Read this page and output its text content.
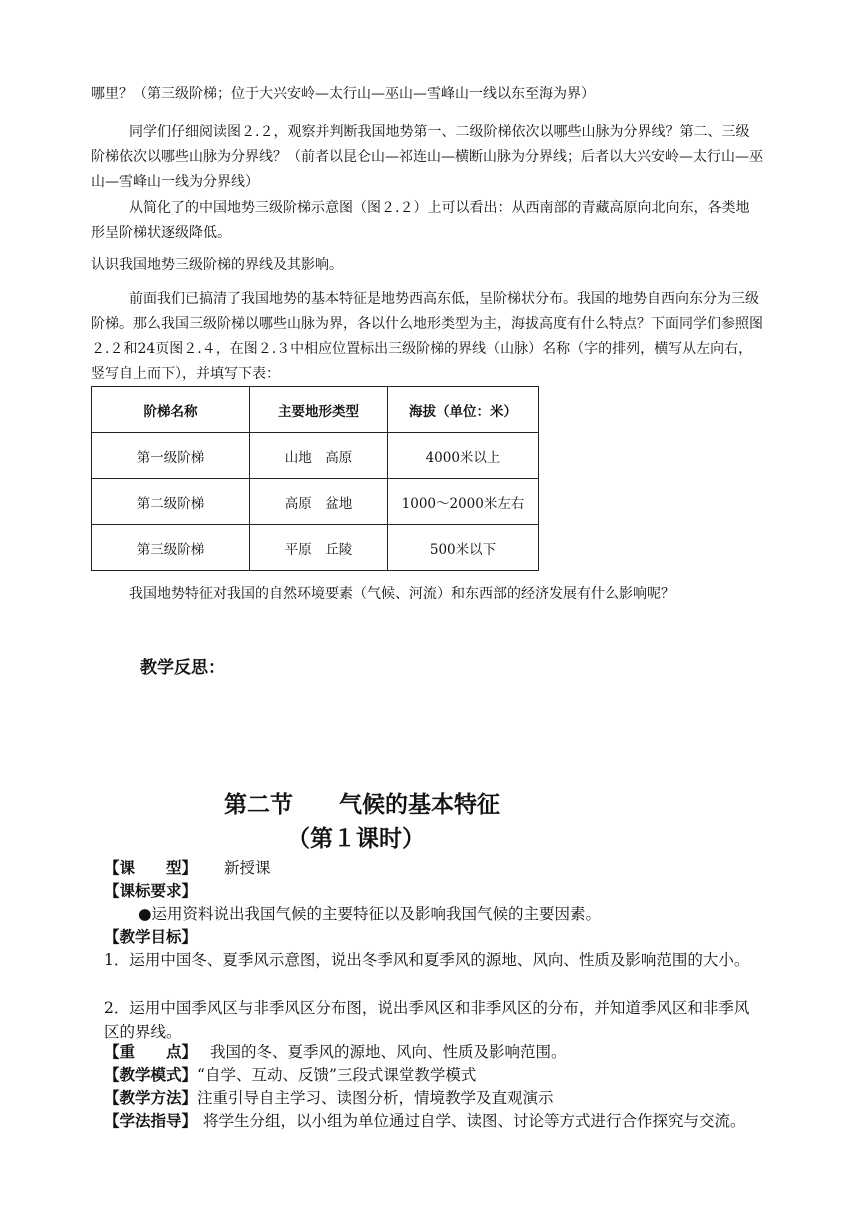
哪里？（第三级阶梯；位于大兴安岭—太行山—巫山—雪峰山一线以东至海为界）

同学们仔细阅读图２.２，观察并判断我国地势第一、二级阶梯依次以哪些山脉为分界线？第二、三级阶梯依次以哪些山脉为分界线？（前者以昆仑山—祁连山—横断山脉为分界线；后者以大兴安岭—太行山—巫山—雪峰山一线为分界线）

从简化了的中国地势三级阶梯示意图（图２.２）上可以看出：从西南部的青藏高原向北向东，各类地形呈阶梯状逐级降低。

认识我国地势三级阶梯的界线及其影响。

前面我们已搞清了我国地势的基本特征是地势西高东低，呈阶梯状分布。我国的地势自西向东分为三级阶梯。那么我国三级阶梯以哪些山脉为界，各以什么地形类型为主，海拔高度有什么特点？下面同学们参照图２.２和24页图２.４，在图２.３中相应位置标出三级阶梯的界线（山脉）名称（字的排列，横写从左向右，竖写自上而下），并填写下表：

阶梯名称	主要地形类型	海拔（单位：米）
第一级阶梯	山地　高原	4000米以上
第二级阶梯	高原　盆地	1000～2000米左右
第三级阶梯	平原　丘陵	500米以下

我国地势特征对我国的自然环境要素（气候、河流）和东西部的经济发展有什么影响呢？

教学反思：
第二节　　气候的基本特征
（第１课时）

【课　　型】 新授课

【课标要求】

●运用资料说出我国气候的主要特征以及影响我国气候的主要因素。

【教学目标】

1．运用中国冬、夏季风示意图，说出冬季风和夏季风的源地、风向、性质及影响范围的大小。

2．运用中国季风区与非季风区分布图，说出季风区和非季风区的分布，并知道季风区和非季风区的界线。

【重　　点】 我国的冬、夏季风的源地、风向、性质及影响范围。

【教学模式】“自学、互动、反馈”三段式课堂教学模式

【教学方法】注重引导自主学习、读图分析，情境教学及直观演示

【学法指导】 将学生分组，以小组为单位通过自学、读图、讨论等方式进行合作探究与交流。
